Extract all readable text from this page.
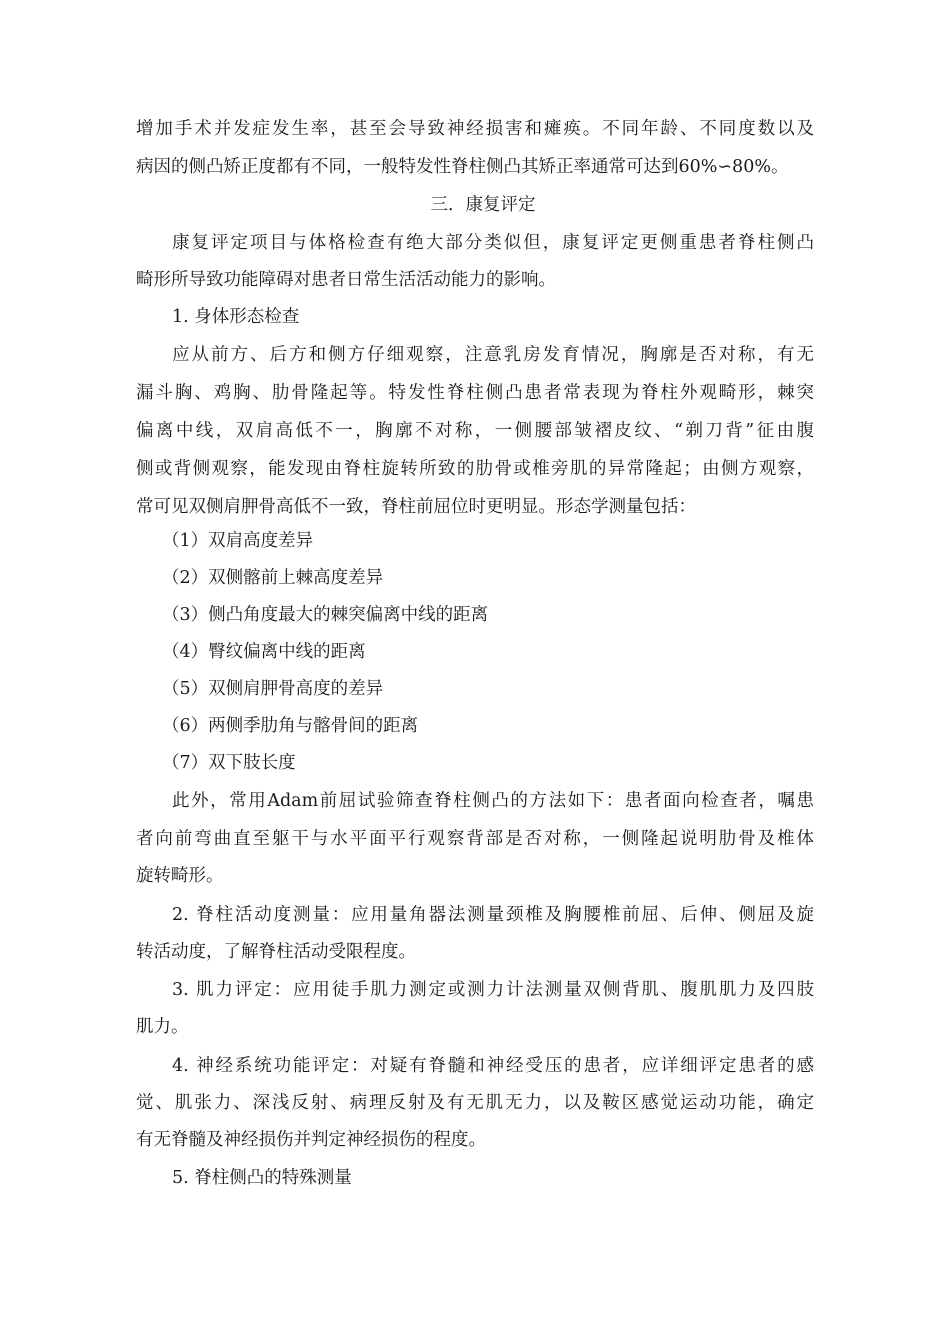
增加手术并发症发生率，甚至会导致神经损害和瘫痪。不同年龄、不同度数以及
病因的侧凸矫正度都有不同，一般特发性脊柱侧凸其矫正率通常可达到60%∽80%。
三．康复评定
康复评定项目与体格检查有绝大部分类似但，康复评定更侧重患者脊柱侧凸
畸形所导致功能障碍对患者日常生活活动能力的影响。
1. 身体形态检查
应从前方、后方和侧方仔细观察，注意乳房发育情况，胸廓是否对称，有无
漏斗胸、鸡胸、肋骨隆起等。特发性脊柱侧凸患者常表现为脊柱外观畸形，棘突
偏离中线，双肩高低不一，胸廓不对称，一侧腰部皱褶皮纹、“剃刀背”征由腹
侧或背侧观察，能发现由脊柱旋转所致的肋骨或椎旁肌的异常隆起；由侧方观察，
常可见双侧肩胛骨高低不一致，脊柱前屈位时更明显。形态学测量包括：
（1）双肩高度差异
（2）双侧髂前上棘高度差异
（3）侧凸角度最大的棘突偏离中线的距离
（4）臀纹偏离中线的距离
（5）双侧肩胛骨高度的差异
（6）两侧季肋角与髂骨间的距离
（7）双下肢长度
此外，常用Adam前屈试验筛查脊柱侧凸的方法如下：患者面向检查者，嘱患
者向前弯曲直至躯干与水平面平行观察背部是否对称，一侧隆起说明肋骨及椎体
旋转畸形。
2. 脊柱活动度测量：应用量角器法测量颈椎及胸腰椎前屈、后伸、侧屈及旋
转活动度，了解脊柱活动受限程度。
3. 肌力评定：应用徒手肌力测定或测力计法测量双侧背肌、腹肌肌力及四肢
肌力。
4. 神经系统功能评定：对疑有脊髓和神经受压的患者，应详细评定患者的感
觉、肌张力、深浅反射、病理反射及有无肌无力，以及鞍区感觉运动功能，确定
有无脊髓及神经损伤并判定神经损伤的程度。
5. 脊柱侧凸的特殊测量
